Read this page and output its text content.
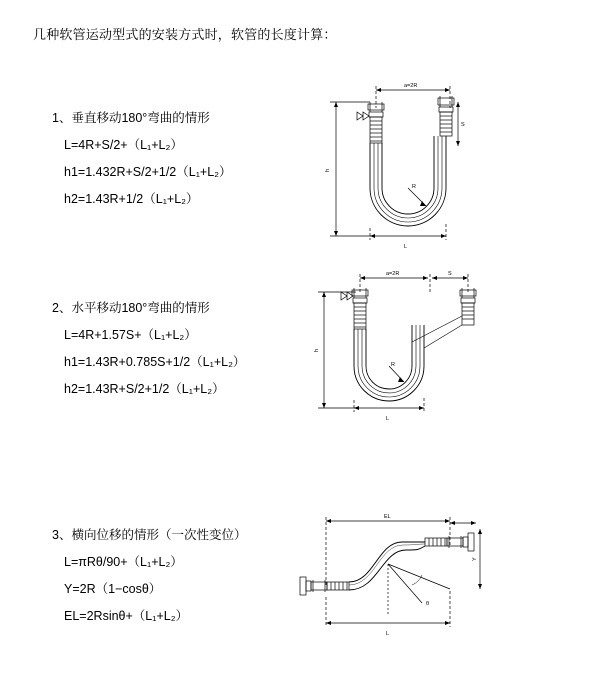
几种软管运动型式的安装方式时，软管的长度计算：
1、垂直移动180°弯曲的情形
L=4R+S/2+（L₁+L₂）
h1=1.432R+S/2+1/2（L₁+L₂）
h2=1.43R+1/2（L₁+L₂）
a=2R
S
h
R
L
2、水平移动180°弯曲的情形
L=4R+1.57S+（L₁+L₂）
h1=1.43R+0.785S+1/2（L₁+L₂）
h2=1.43R+S/2+1/2（L₁+L₂）
a=2R	S
h
R
L
3、横向位移的情形（一次性变位）
L=πRθ/90+（L₁+L₂）
Y=2R（1−cosθ）
EL=2Rsinθ+（L₁+L₂）
EL
Y
θ
L
